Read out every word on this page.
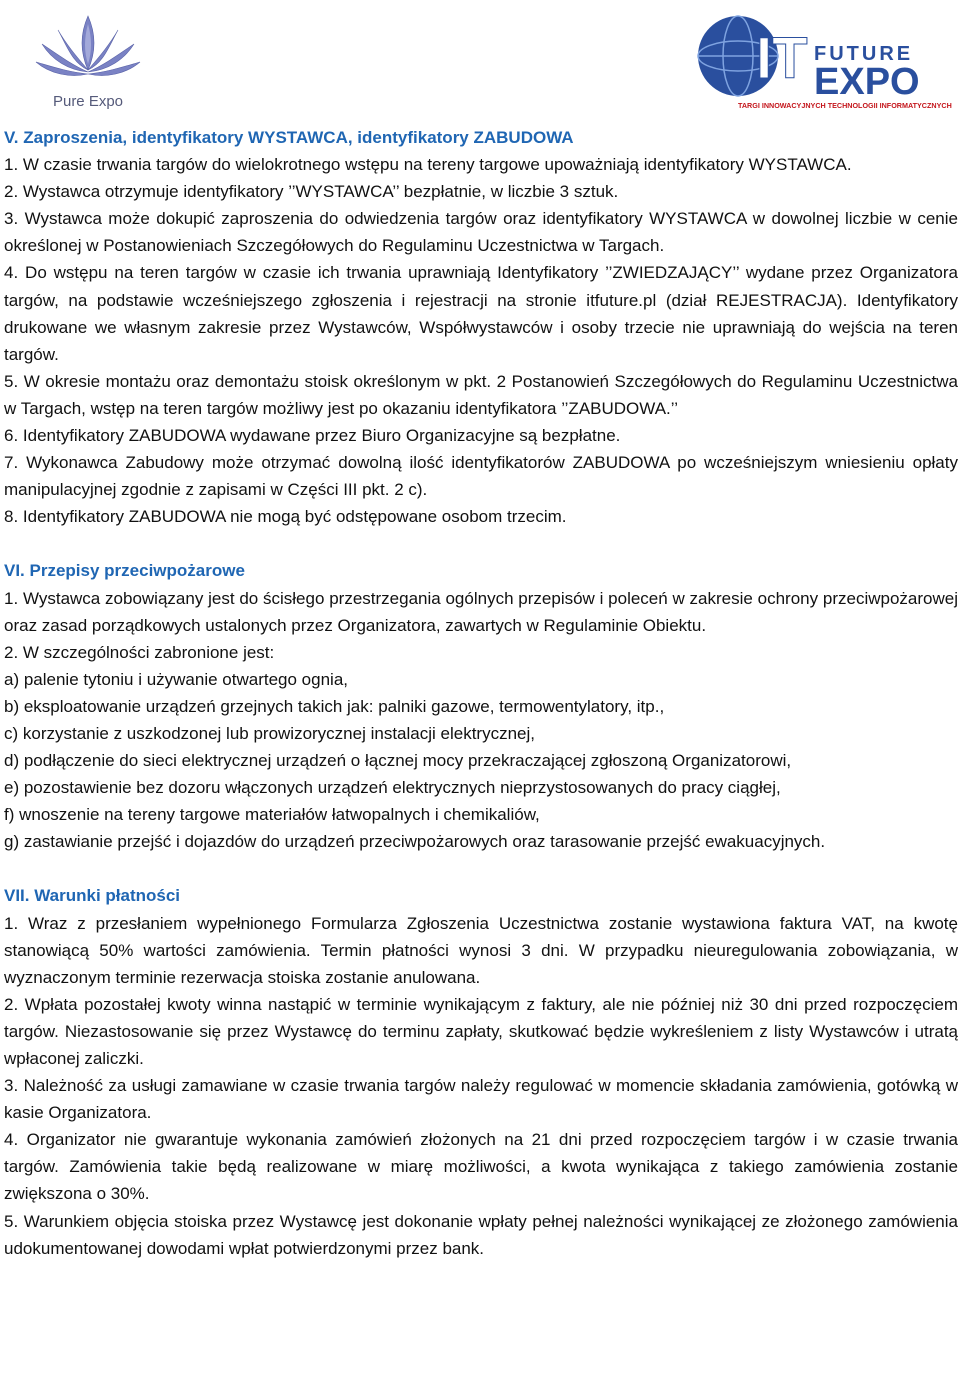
Pure Expo
IT FUTURE
EXPO
TARGI INNOWACYJNYCH TECHNOLOGII INFORMATYCZNYCH

V. Zaproszenia, identyfikatory WYSTAWCA, identyfikatory ZABUDOWA

1. W czasie trwania targów do wielokrotnego wstępu na tereny targowe upoważniają identyfikatory WYSTAWCA.

2. Wystawca otrzymuje identyfikatory ’’WYSTAWCA’’ bezpłatnie, w liczbie 3 sztuk.

3. Wystawca może dokupić zaproszenia do odwiedzenia targów oraz identyfikatory WYSTAWCA w dowolnej liczbie w cenie określonej w Postanowieniach Szczegółowych do Regulaminu Uczestnictwa w Targach.

4. Do wstępu na teren targów w czasie ich trwania uprawniają Identyfikatory ’’ZWIEDZAJĄCY’’ wydane przez Organizatora targów, na podstawie wcześniejszego zgłoszenia i rejestracji na stronie itfuture.pl (dział REJESTRACJA). Identyfikatory drukowane we własnym zakresie przez Wystawców, Współwystawców i osoby trzecie nie uprawniają do wejścia na teren targów.

5. W okresie montażu oraz demontażu stoisk określonym w pkt. 2 Postanowień Szczegółowych do Regulaminu Uczestnictwa w Targach, wstęp na teren targów możliwy jest po okazaniu identyfikatora ’’ZABUDOWA.’’

6. Identyfikatory ZABUDOWA wydawane przez Biuro Organizacyjne są bezpłatne.

7. Wykonawca Zabudowy może otrzymać dowolną ilość identyfikatorów ZABUDOWA po wcześniejszym wniesieniu opłaty manipulacyjnej zgodnie z zapisami w Części III pkt. 2 c).

8. Identyfikatory ZABUDOWA nie mogą być odstępowane osobom trzecim.

VI. Przepisy przeciwpożarowe

1. Wystawca zobowiązany jest do ścisłego przestrzegania ogólnych przepisów i poleceń w zakresie ochrony przeciwpożarowej oraz zasad porządkowych ustalonych przez Organizatora, zawartych w Regulaminie Obiektu.

2. W szczególności zabronione jest:

a) palenie tytoniu i używanie otwartego ognia,

b) eksploatowanie urządzeń grzejnych takich jak: palniki gazowe, termowentylatory, itp.,

c) korzystanie z uszkodzonej lub prowizorycznej instalacji elektrycznej,

d) podłączenie do sieci elektrycznej urządzeń o łącznej mocy przekraczającej zgłoszoną Organizatorowi,

e) pozostawienie bez dozoru włączonych urządzeń elektrycznych nieprzystosowanych do pracy ciągłej,

f) wnoszenie na tereny targowe materiałów łatwopalnych i chemikaliów,

g) zastawianie przejść i dojazdów do urządzeń przeciwpożarowych oraz tarasowanie przejść ewakuacyjnych.

VII. Warunki płatności

1. Wraz z przesłaniem wypełnionego Formularza Zgłoszenia Uczestnictwa zostanie wystawiona faktura VAT, na kwotę stanowiącą 50% wartości zamówienia. Termin płatności wynosi 3 dni. W przypadku nieuregulowania zobowiązania, w wyznaczonym terminie rezerwacja stoiska zostanie anulowana.

2. Wpłata pozostałej kwoty winna nastąpić w terminie wynikającym z faktury, ale nie później niż 30 dni przed rozpoczęciem targów. Niezastosowanie się przez Wystawcę do terminu zapłaty, skutkować będzie wykreśleniem z listy Wystawców i utratą wpłaconej zaliczki.

3. Należność za usługi zamawiane w czasie trwania targów należy regulować w momencie składania zamówienia, gotówką w kasie Organizatora.

4. Organizator nie gwarantuje wykonania zamówień złożonych na 21 dni przed rozpoczęciem targów i w czasie trwania targów. Zamówienia takie będą realizowane w miarę możliwości, a kwota wynikająca z takiego zamówienia zostanie zwiększona o 30%.

5. Warunkiem objęcia stoiska przez Wystawcę jest dokonanie wpłaty pełnej należności wynikającej ze złożonego zamówienia udokumentowanej dowodami wpłat potwierdzonymi przez bank.
